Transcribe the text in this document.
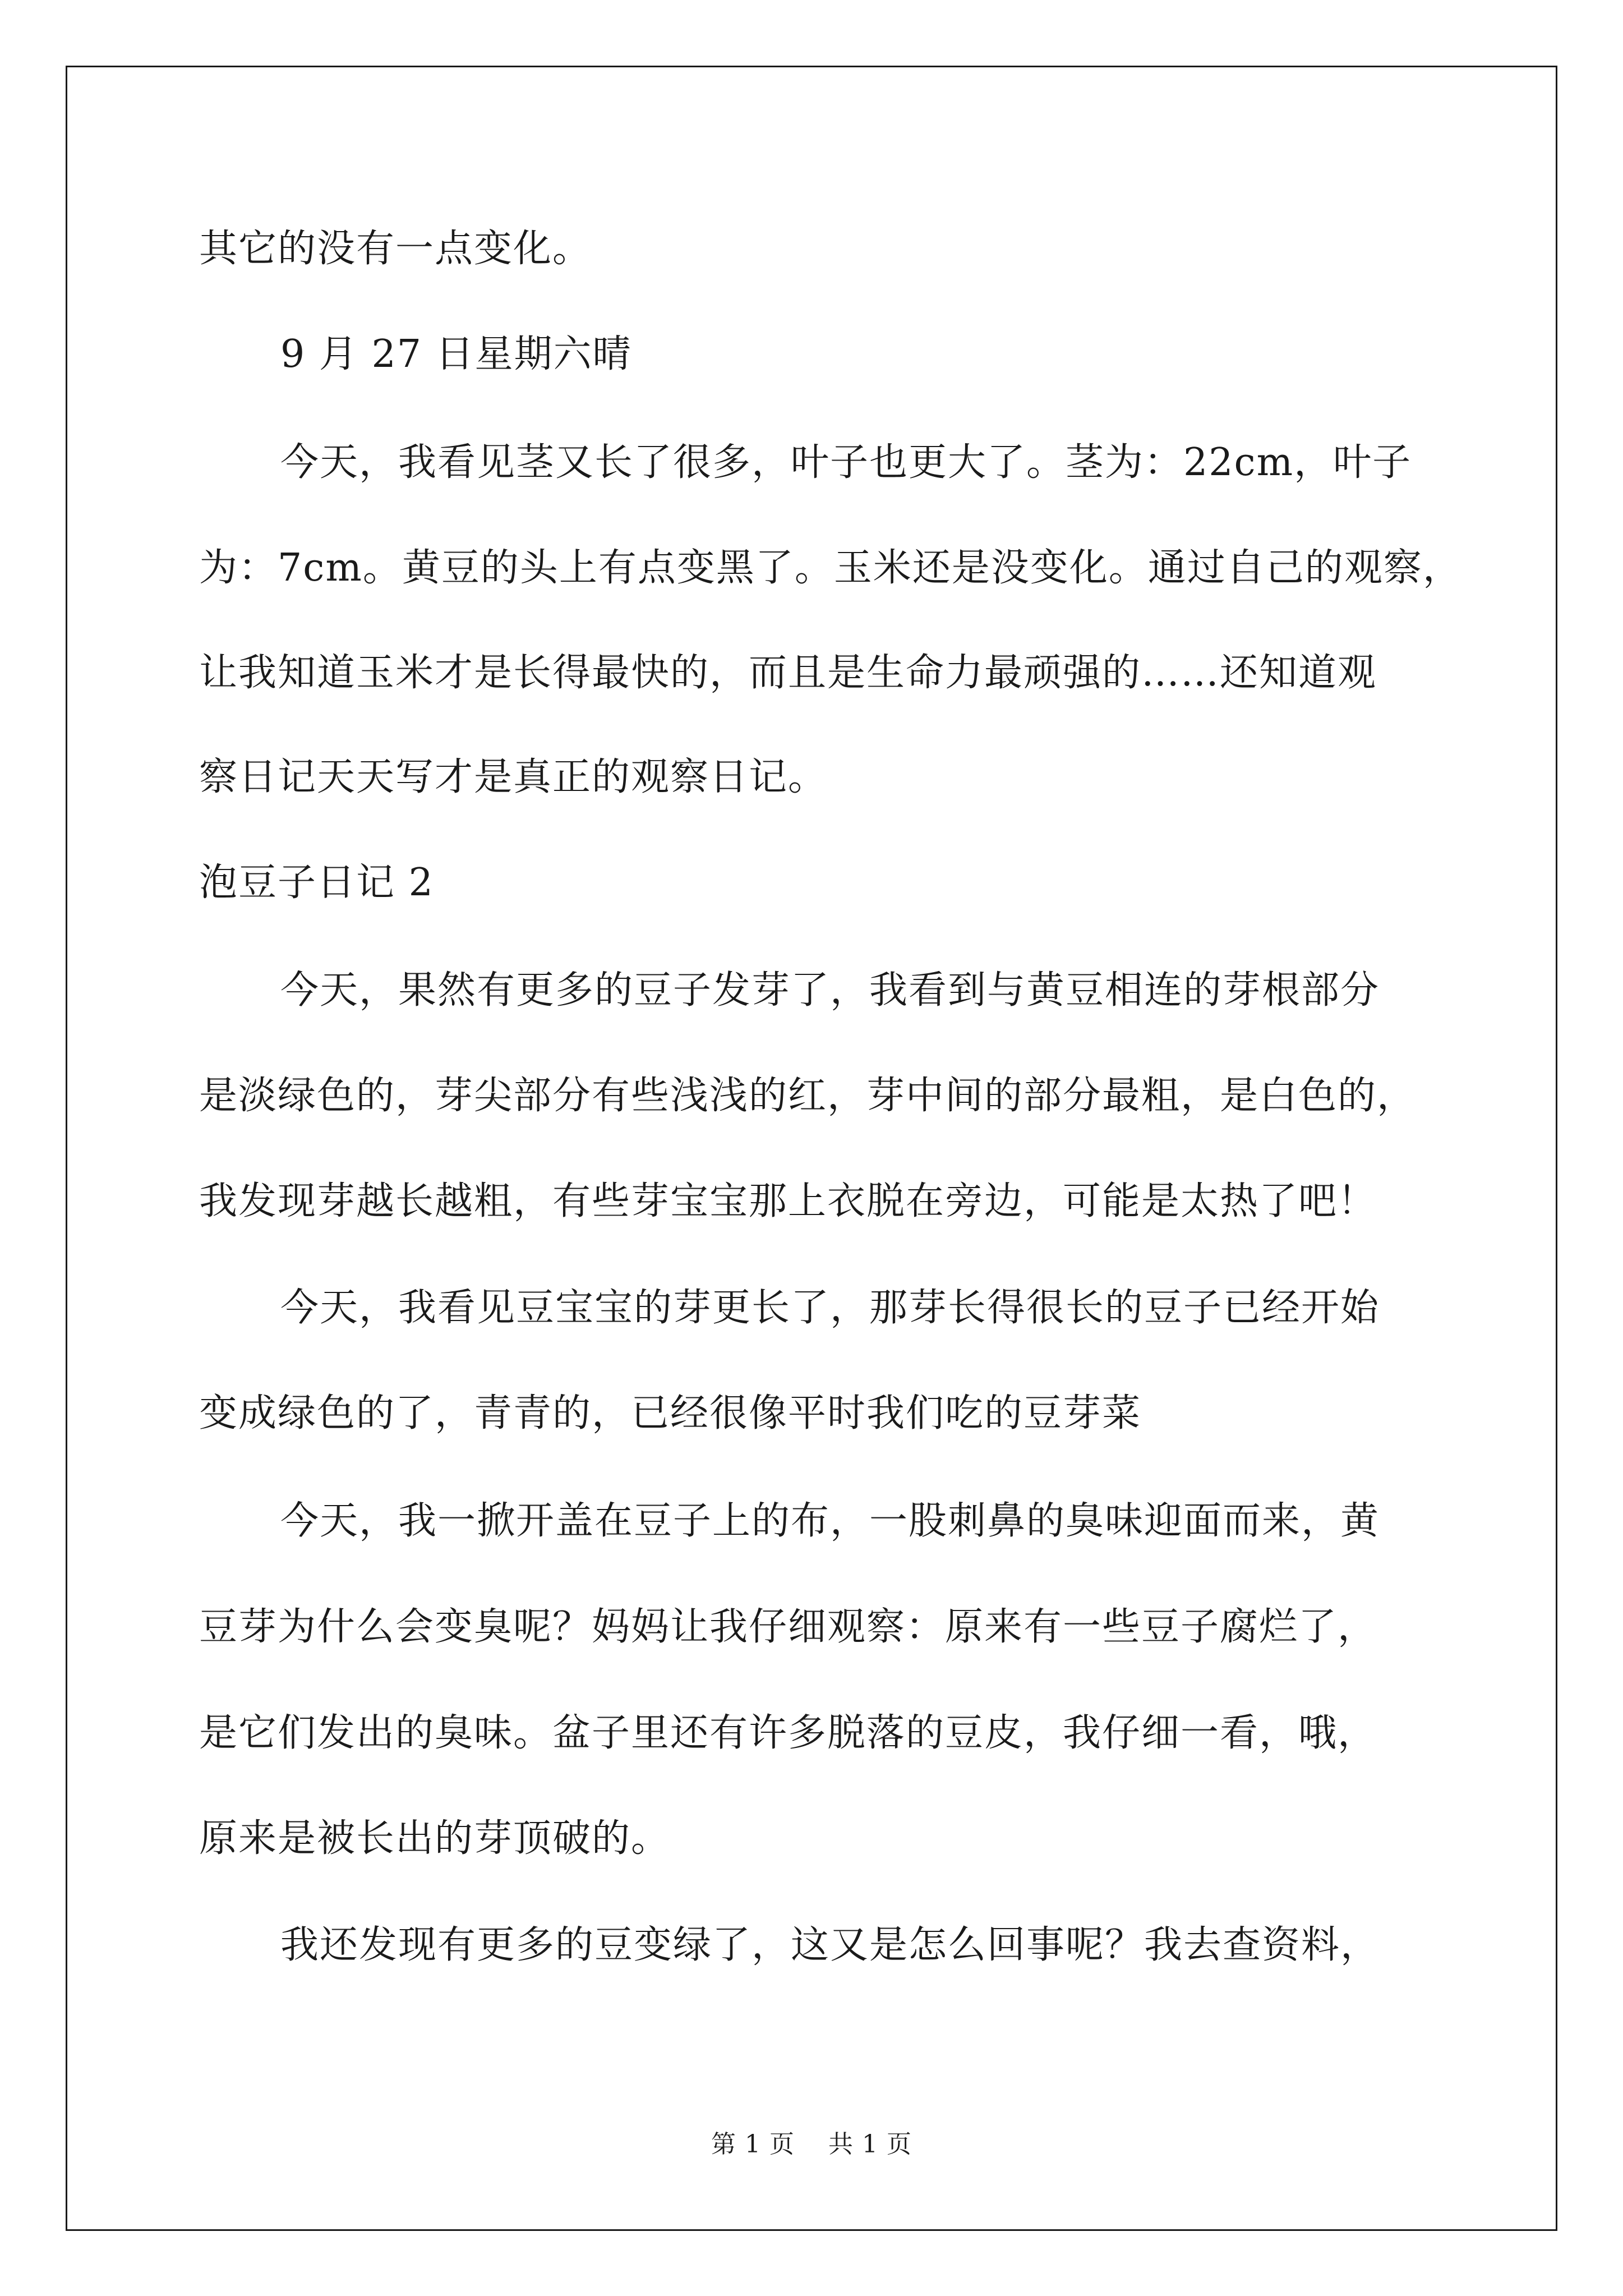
其它的没有一点变化。
9 月 27 日星期六晴
今天，我看见茎又长了很多，叶子也更大了。茎为：22cm，叶子
为：7cm。黄豆的头上有点变黑了。玉米还是没变化。通过自己的观察，
让我知道玉米才是长得最快的，而且是生命力最顽强的……还知道观
察日记天天写才是真正的观察日记。
泡豆子日记 2
今天，果然有更多的豆子发芽了，我看到与黄豆相连的芽根部分
是淡绿色的，芽尖部分有些浅浅的红，芽中间的部分最粗，是白色的，
我发现芽越长越粗，有些芽宝宝那上衣脱在旁边，可能是太热了吧！
今天，我看见豆宝宝的芽更长了，那芽长得很长的豆子已经开始
变成绿色的了，青青的，已经很像平时我们吃的豆芽菜
今天，我一掀开盖在豆子上的布，一股刺鼻的臭味迎面而来，黄
豆芽为什么会变臭呢？妈妈让我仔细观察：原来有一些豆子腐烂了，
是它们发出的臭味。盆子里还有许多脱落的豆皮，我仔细一看，哦，
原来是被长出的芽顶破的。
我还发现有更多的豆变绿了，这又是怎么回事呢？我去查资料，
第 1 页 共 1 页
